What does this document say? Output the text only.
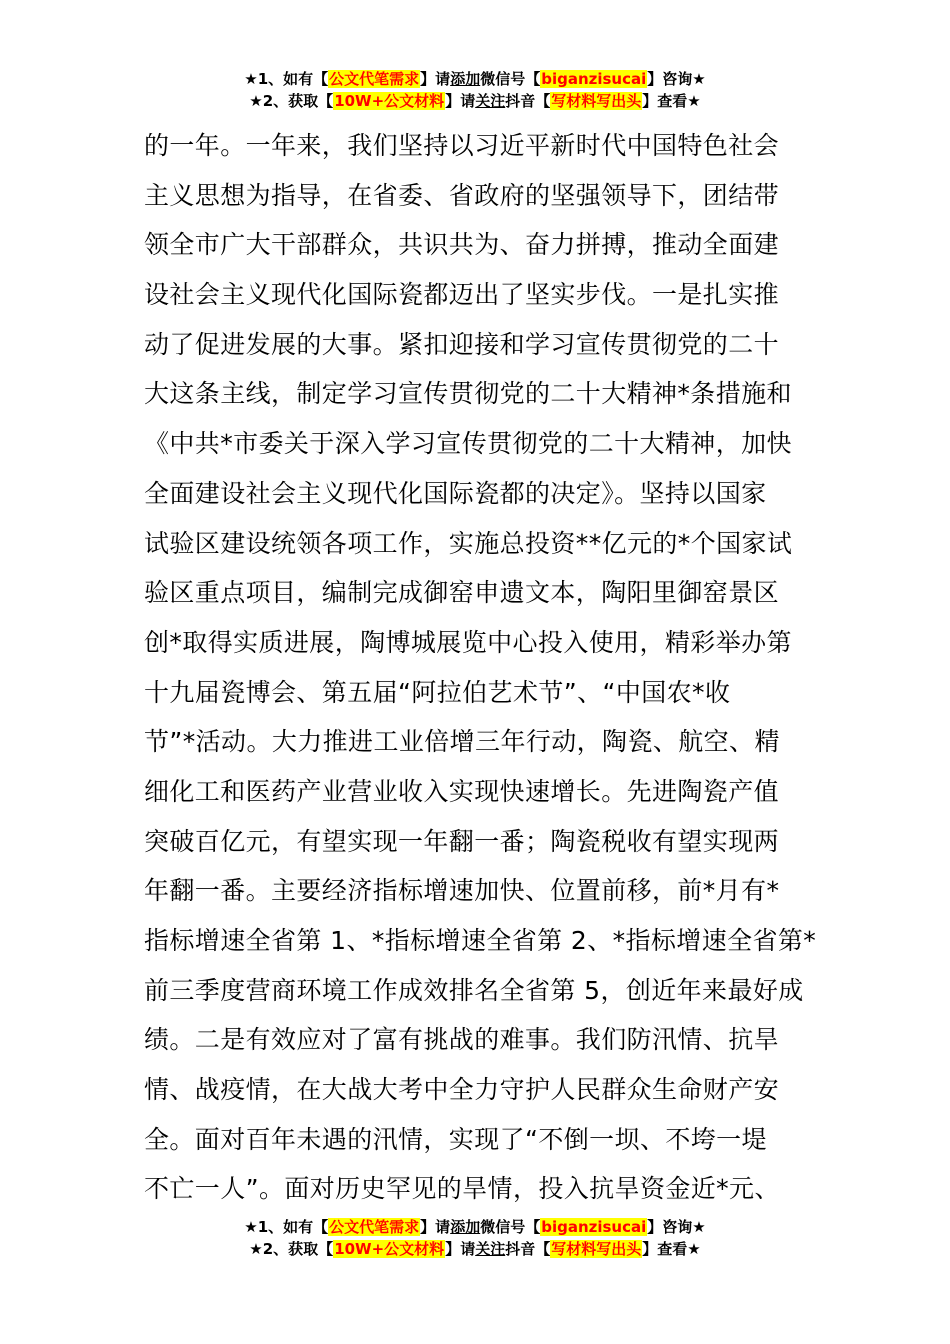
★1、如有【公文代笔需求】请添加微信号【biganzisucai】咨询★
★2、获取【10W+公文材料】请关注抖音【写材料写出头】查看★
的一年。一年来，我们坚持以习近平新时代中国特色社会
主义思想为指导，在省委、省政府的坚强领导下，团结带
领全市广大干部群众，共识共为、奋力拼搏，推动全面建
设社会主义现代化国际瓷都迈出了坚实步伐。一是扎实推
动了促进发展的大事。紧扣迎接和学习宣传贯彻党的二十
大这条主线，制定学习宣传贯彻党的二十大精神*条措施和
《中共*市委关于深入学习宣传贯彻党的二十大精神，加快
全面建设社会主义现代化国际瓷都的决定》。坚持以国家
试验区建设统领各项工作，实施总投资**亿元的*个国家试
验区重点项目，编制完成御窑申遗文本，陶阳里御窑景区
创*取得实质进展，陶博城展览中心投入使用，精彩举办第
十九届瓷博会、第五届“阿拉伯艺术节”、“中国农*收
节”*活动。大力推进工业倍增三年行动，陶瓷、航空、精
细化工和医药产业营业收入实现快速增长。先进陶瓷产值
突破百亿元，有望实现一年翻一番；陶瓷税收有望实现两
年翻一番。主要经济指标增速加快、位置前移，前*月有*
指标增速全省第 1、*指标增速全省第 2、*指标增速全省第*
前三季度营商环境工作成效排名全省第 5，创近年来最好成
绩。二是有效应对了富有挑战的难事。我们防汛情、抗旱
情、战疫情，在大战大考中全力守护人民群众生命财产安
全。面对百年未遇的汛情，实现了“不倒一坝、不垮一堤
不亡一人”。面对历史罕见的旱情，投入抗旱资金近*元、
★1、如有【公文代笔需求】请添加微信号【biganzisucai】咨询★
★2、获取【10W+公文材料】请关注抖音【写材料写出头】查看★
